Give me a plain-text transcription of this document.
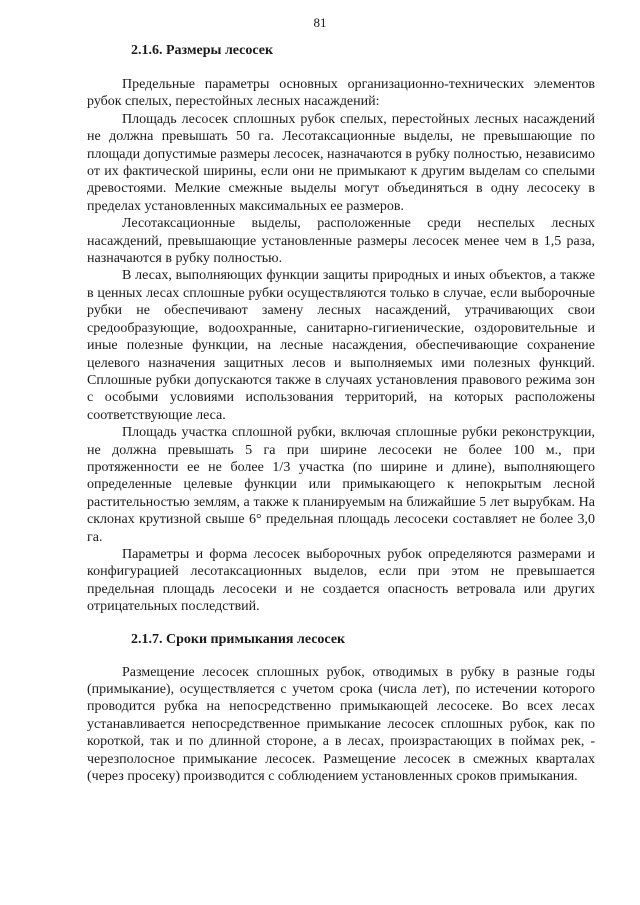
81
2.1.6. Размеры лесосек

Предельные параметры основных организационно-технических элементов рубок спелых, перестойных лесных насаждений:

Площадь лесосек сплошных рубок спелых, перестойных лесных насаждений не должна превышать 50 га. Лесотаксационные выделы, не превышающие по площади допустимые размеры лесосек, назначаются в рубку полностью, независимо от их фактической ширины, если они не примыкают к другим выделам со спелыми древостоями. Мелкие смежные выделы могут объединяться в одну лесосеку в пределах установленных максимальных ее размеров.

Лесотаксационные выделы, расположенные среди неспелых лесных насаждений, превышающие установленные размеры лесосек менее чем в 1,5 раза, назначаются в рубку полностью.

В лесах, выполняющих функции защиты природных и иных объектов, а также в ценных лесах сплошные рубки осуществляются только в случае, если выборочные рубки не обеспечивают замену лесных насаждений, утрачивающих свои средообразующие, водоохранные, санитарно-гигиенические, оздоровительные и иные полезные функции, на лесные насаждения, обеспечивающие сохранение целевого назначения защитных лесов и выполняемых ими полезных функций. Сплошные рубки допускаются также в случаях установления правового режима зон с особыми условиями использования территорий, на которых расположены соответствующие леса.

Площадь участка сплошной рубки, включая сплошные рубки реконструкции, не должна превышать 5 га при ширине лесосеки не более 100 м., при протяженности ее не более 1/3 участка (по ширине и длине), выполняющего определенные целевые функции или примыкающего к непокрытым лесной растительностью землям, а также к планируемым на ближайшие 5 лет вырубкам. На склонах крутизной свыше 6° предельная площадь лесосеки составляет не более 3,0 га.

Параметры и форма лесосек выборочных рубок определяются размерами и конфигурацией лесотаксационных выделов, если при этом не превышается предельная площадь лесосеки и не создается опасность ветровала или других отрицательных последствий.

2.1.7. Сроки примыкания лесосек

Размещение лесосек сплошных рубок, отводимых в рубку в разные годы (примыкание), осуществляется с учетом срока (числа лет), по истечении которого проводится рубка на непосредственно примыкающей лесосеке. Во всех лесах устанавливается непосредственное примыкание лесосек сплошных рубок, как по короткой, так и по длинной стороне, а в лесах, произрастающих в поймах рек, - черезполосное примыкание лесосек. Размещение лесосек в смежных кварталах (через просеку) производится с соблюдением установленных сроков примыкания.
